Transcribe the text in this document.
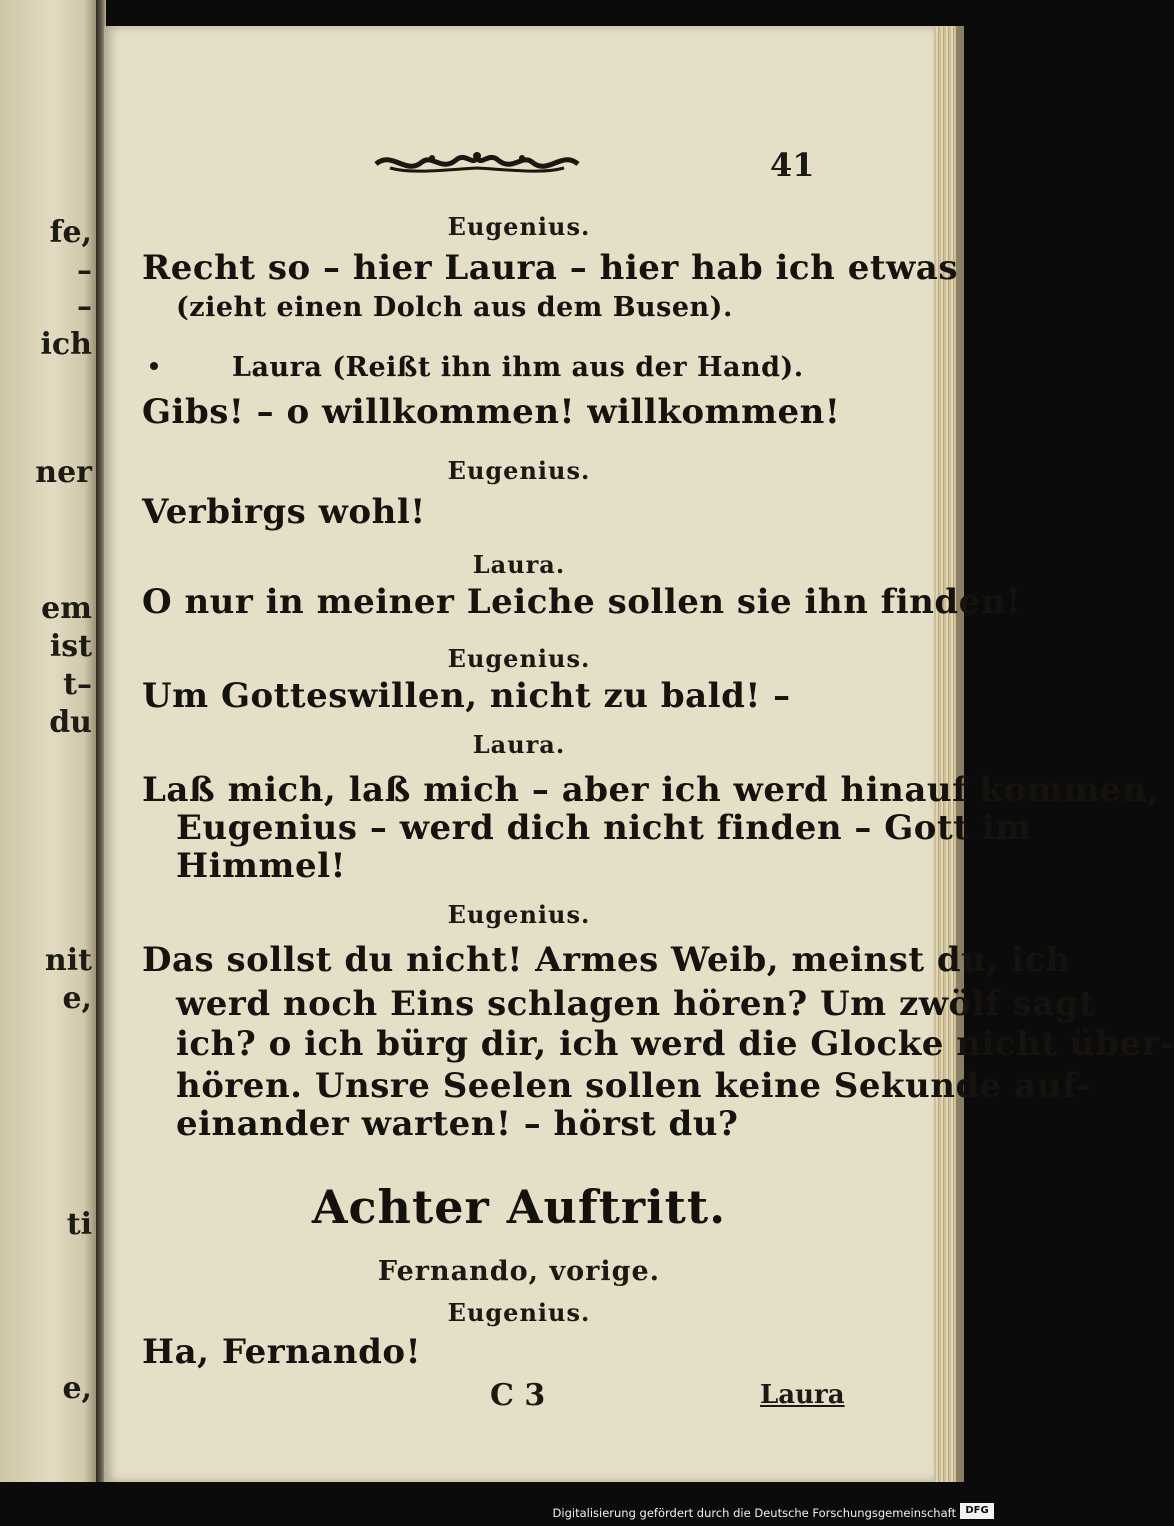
fe,
–
–
ich
ner
em
ist
t–
du
nit
e,
ti
e,
41
Eugenius.
Recht so – hier Laura – hier hab ich etwas
(zieht einen Dolch aus dem Busen).
Laura (Reißt ihn ihm aus der Hand).
Gibs! – o willkommen! willkommen!
Eugenius.
Verbirgs wohl!
Laura.
O nur in meiner Leiche sollen sie ihn finden!
Eugenius.
Um Gotteswillen, nicht zu bald! –
Laura.
Laß mich, laß mich – aber ich werd hinauf kommen,
Eugenius – werd dich nicht finden – Gott im
Himmel!
Eugenius.
Das sollst du nicht! Armes Weib, meinst du, ich
werd noch Eins schlagen hören? Um zwölf sagt
ich? o ich bürg dir, ich werd die Glocke nicht über-
hören. Unsre Seelen sollen keine Sekunde auf-
einander warten! – hörst du?
Achter Auftritt.
Fernando, vorige.
Eugenius.
Ha, Fernando!
C 3	Laura
Digitalisierung gefördert durch die Deutsche Forschungsgemeinschaft DFG
